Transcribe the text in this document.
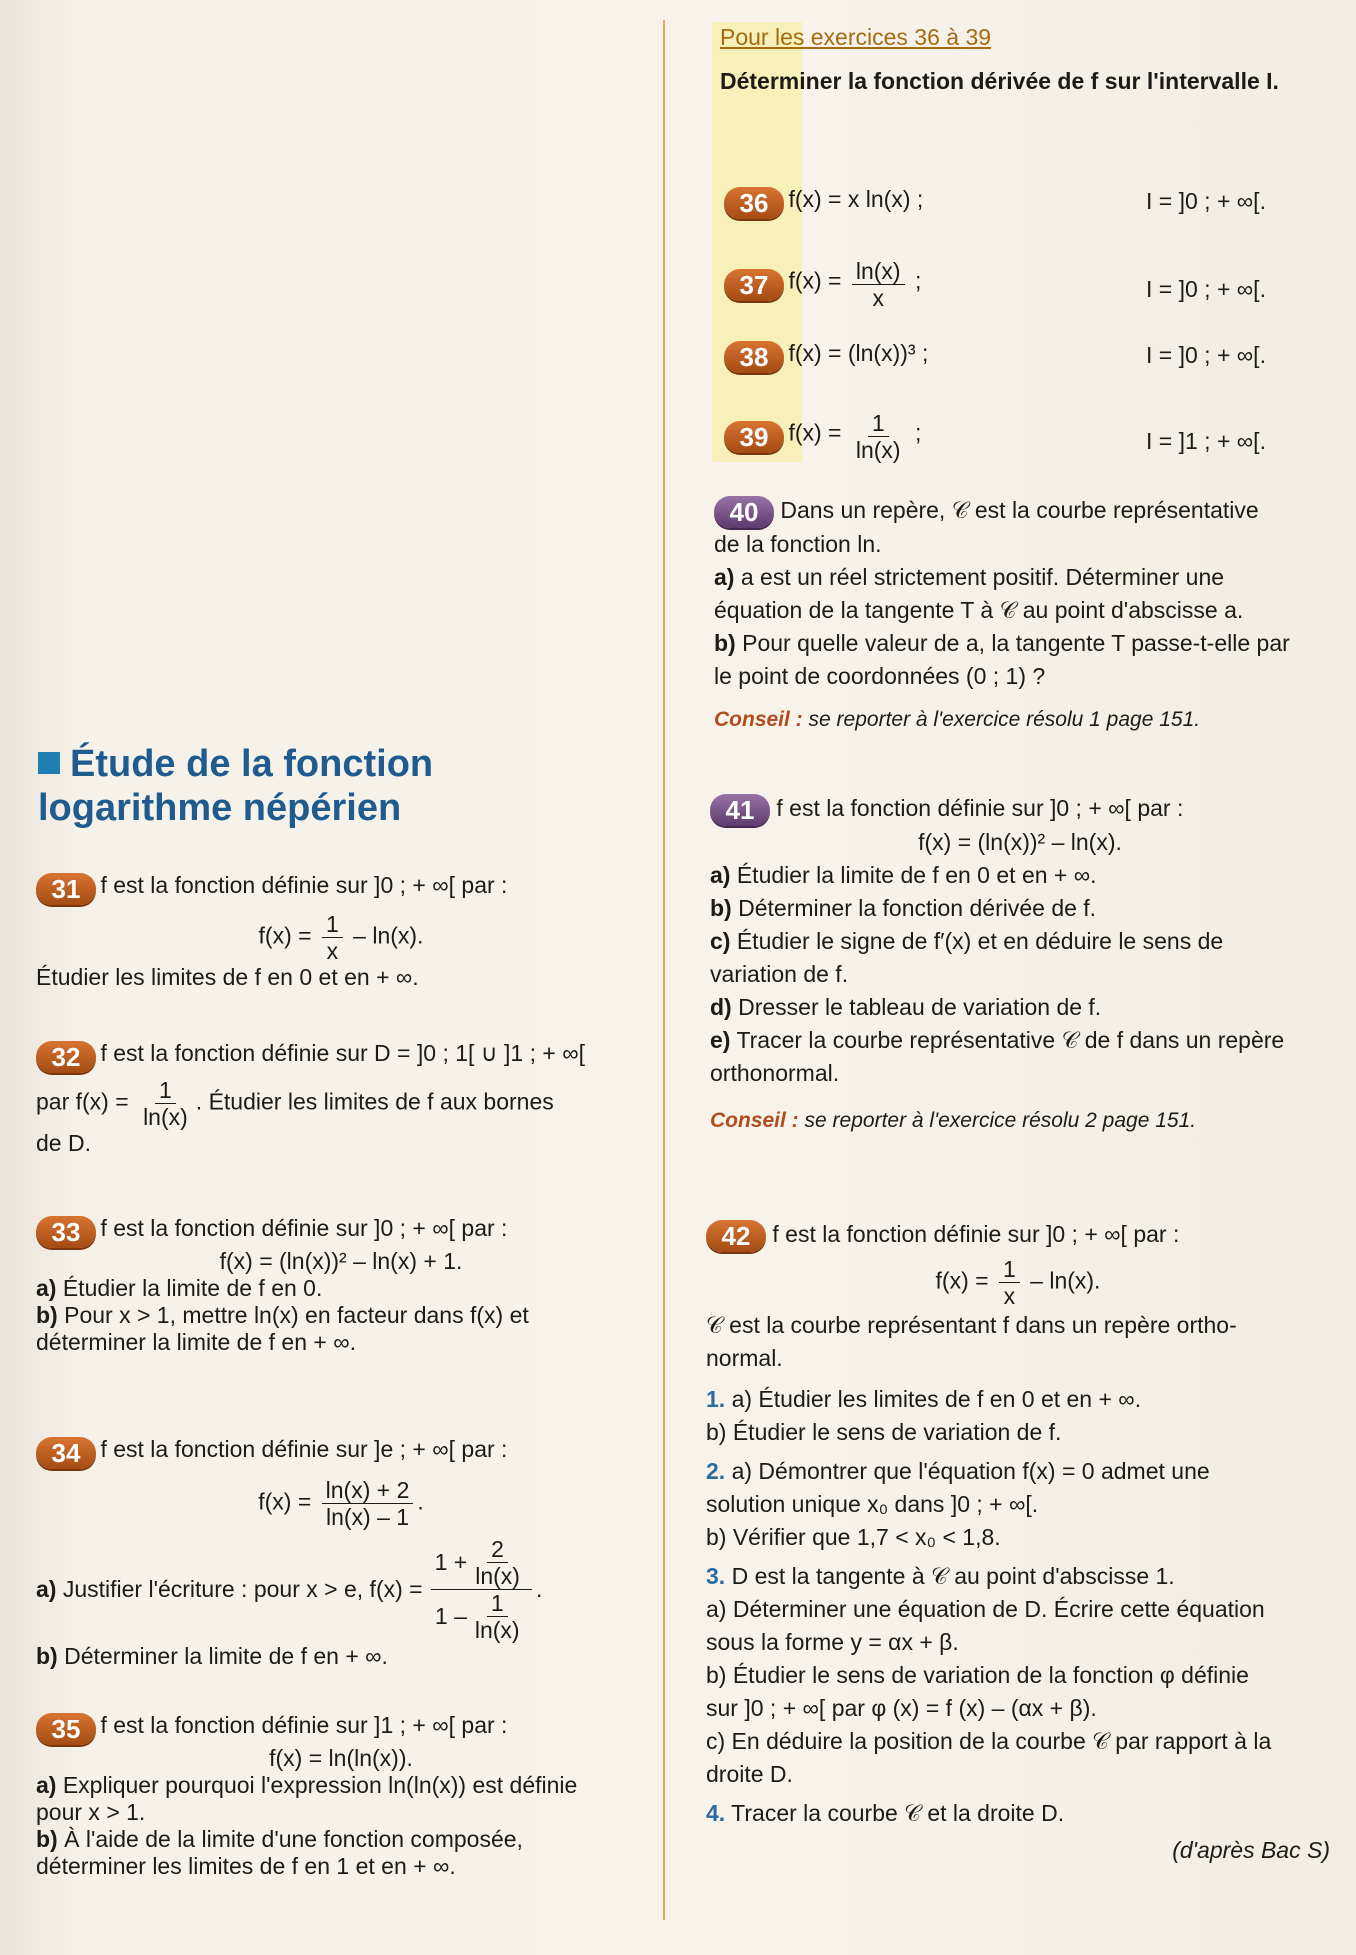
Étude de la fonction
logarithme népérien
31 f est la fonction définie sur ]0 ; + ∞[ par :
$f(x) = \frac{1}{x} - \ln(x)$.
Étudier les limites de f en 0 et en + ∞.
32 f est la fonction définie sur D = ]0 ; 1[ ∪ ]1 ; + ∞[
par $f(x) = \frac{1}{\ln(x)}$ . Étudier les limites de f aux bornes
de D.
33 f est la fonction définie sur ]0 ; + ∞[ par :
f(x) = (ln(x))² – ln(x) + 1.
a) Étudier la limite de f en 0.
b) Pour x > 1, mettre ln(x) en facteur dans f(x) et
déterminer la limite de f en + ∞.
34 f est la fonction définie sur ]e ; + ∞[ par :
$f(x) = \frac{\ln(x) + 2}{\ln(x) - 1}$ .
a)
Justifier l'écriture : pour x > e, $f(x) = \frac{1 + \frac{2}{\ln(x)}}{1 - \frac{1}{\ln(x)}}$ .
b) Déterminer la limite de f en + ∞.
35 f est la fonction définie sur ]1 ; + ∞[ par :
f(x) = ln(ln(x)).
a) Expliquer pourquoi l'expression ln(ln(x)) est définie
pour x > 1.
b) À l'aide de la limite d'une fonction composée,
déterminer les limites de f en 1 et en + ∞.
Pour les exercices 36 à 39
Déterminer la fonction dérivée de f sur l'intervalle I.
36 f(x) = x ln(x) ;	I = ]0 ; + ∞[.
37 $f(x) = \frac{\ln(x)}{x}$ ;	I = ]0 ; + ∞[.
38 f(x) = (ln(x))³ ;	I = ]0 ; + ∞[.
39 $f(x) = \frac{1}{\ln(x)}$ ;	I = ]1 ; + ∞[.
40 Dans un repère, 𝒞 est la courbe représentative
de la fonction ln.
a) a est un réel strictement positif. Déterminer une
équation de la tangente T à 𝒞 au point d'abscisse a.
b) Pour quelle valeur de a, la tangente T passe-t-elle par
le point de coordonnées (0 ; 1) ?
Conseil : se reporter à l'exercice résolu 1 page 151.
41 f est la fonction définie sur ]0 ; + ∞[ par :
f(x) = (ln(x))² – ln(x).
a) Étudier la limite de f en 0 et en + ∞.
b) Déterminer la fonction dérivée de f.
c) Étudier le signe de f′(x) et en déduire le sens de
variation de f.
d) Dresser le tableau de variation de f.
e) Tracer la courbe représentative 𝒞 de f dans un repère
orthonormal.
Conseil : se reporter à l'exercice résolu 2 page 151.
42 f est la fonction définie sur ]0 ; + ∞[ par :
$f(x) = \frac{1}{x} - \ln(x)$.
𝒞 est la courbe représentant f dans un repère ortho-
normal.
1. a) Étudier les limites de f en 0 et en + ∞.
b) Étudier le sens de variation de f.
2. a) Démontrer que l'équation f(x) = 0 admet une
solution unique x₀ dans ]0 ; + ∞[.
b) Vérifier que 1,7 < x₀ < 1,8.
3. D est la tangente à 𝒞 au point d'abscisse 1.
a) Déterminer une équation de D. Écrire cette équation
sous la forme y = αx + β.
b) Étudier le sens de variation de la fonction φ définie
sur ]0 ; + ∞[ par φ (x) = f (x) – (αx + β).
c) En déduire la position de la courbe 𝒞 par rapport à la
droite D.
4. Tracer la courbe 𝒞 et la droite D.
(d'après Bac S)
